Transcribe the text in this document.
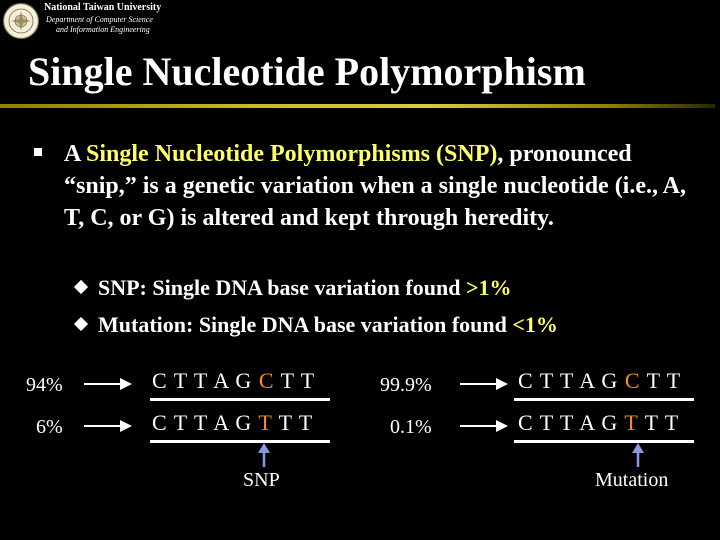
National Taiwan University
Department of Computer Science
and Information Engineering
Single Nucleotide Polymorphism
A Single Nucleotide Polymorphisms (SNP), pronounced “snip,” is a genetic variation when a single nucleotide (i.e., A, T, C, or G) is altered and kept through heredity.
SNP: Single DNA base variation found >1%
Mutation: Single DNA base variation found <1%
94%	C T T A G C T T
6%	C T T A G T T T
SNP
99.9%	C T T A G C T T
0.1%	C T T A G T T T
Mutation
